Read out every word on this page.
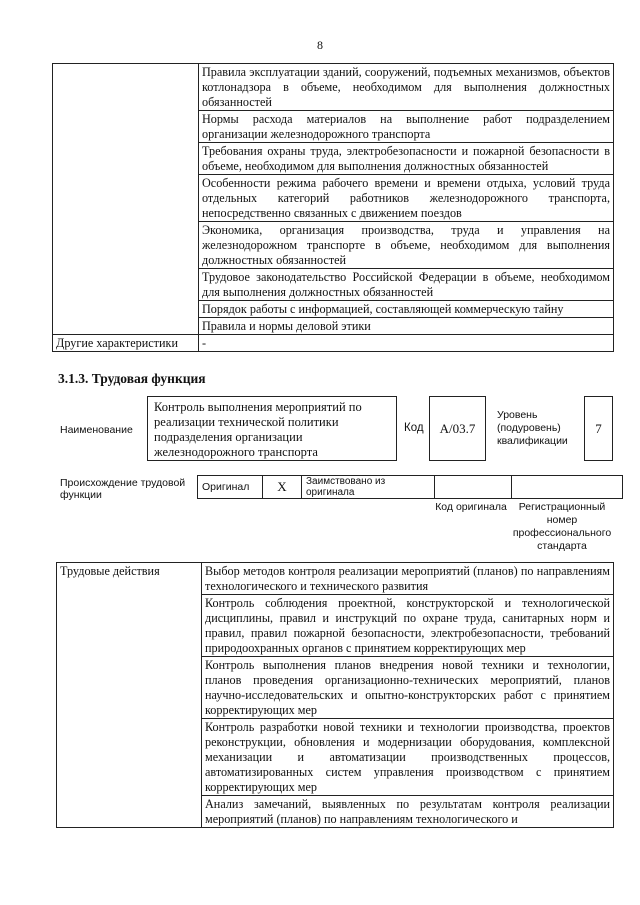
8
	Правила эксплуатации зданий, сооружений, подъемных механизмов, объектов котлонадзора в объеме, необходимом для выполнения должностных обязанностей
	Нормы расхода материалов на выполнение работ подразделением организации железнодорожного транспорта
	Требования охраны труда, электробезопасности и пожарной безопасности в объеме, необходимом для выполнения должностных обязанностей
	Особенности режима рабочего времени и времени отдыха, условий труда отдельных категорий работников железнодорожного транспорта, непосредственно связанных с движением поездов
	Экономика, организация производства, труда и управления на железнодорожном транспорте в объеме, необходимом для выполнения должностных обязанностей
	Трудовое законодательство Российской Федерации в объеме, необходимом для выполнения должностных обязанностей
	Порядок работы с информацией, составляющей коммерческую тайну
	Правила и нормы деловой этики
Другие характеристики	-
3.1.3. Трудовая функция
Наименование
Контроль выполнения мероприятий по реализации технической политики подразделения организации железнодорожного транспорта
Код	А/03.7
Уровень (подуровень) квалификации
7
Происхождение трудовой функции
Оригинал	X	Заимствовано из оригинала		
Код оригинала	Регистрационный номер профессионального стандарта
Трудовые действия	Выбор методов контроля реализации мероприятий (планов) по направлениям технологического и технического развития
Контроль соблюдения проектной, конструкторской и технологической дисциплины, правил и инструкций по охране труда, санитарных норм и правил, правил пожарной безопасности, электробезопасности, требований природоохранных органов с принятием корректирующих мер
Контроль выполнения планов внедрения новой техники и технологии, планов проведения организационно-технических мероприятий, планов научно-исследовательских и опытно-конструкторских работ с принятием корректирующих мер
Контроль разработки новой техники и технологии производства, проектов реконструкции, обновления и модернизации оборудования, комплексной механизации и автоматизации производственных процессов, автоматизированных систем управления производством с принятием корректирующих мер
Анализ замечаний, выявленных по результатам контроля реализации мероприятий (планов) по направлениям технологического и
